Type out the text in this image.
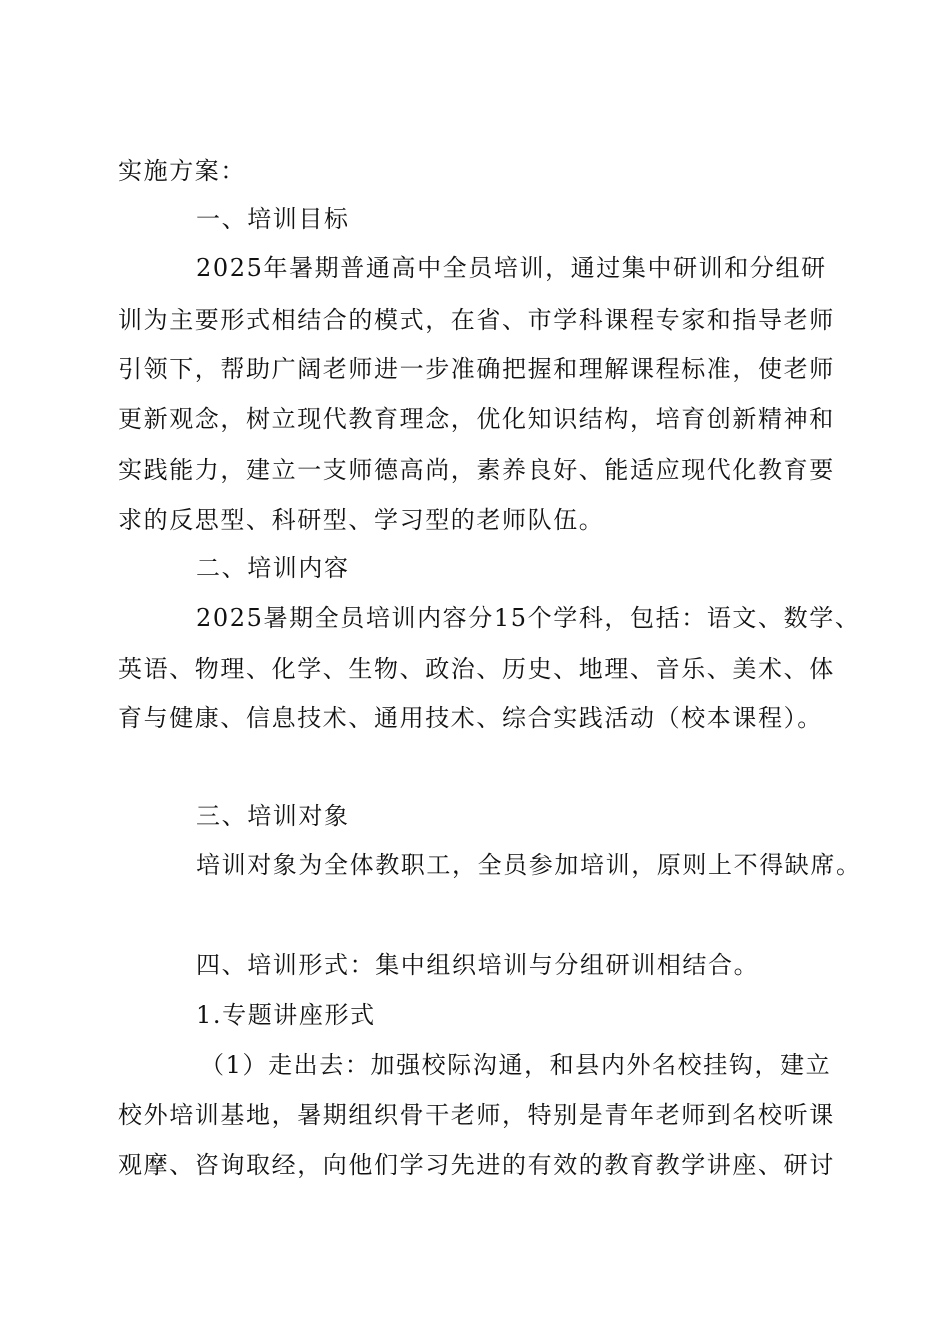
实施方案：
一、培训目标
2025年暑期普通高中全员培训，通过集中研训和分组研
训为主要形式相结合的模式，在省、市学科课程专家和指导老师
引领下，帮助广阔老师进一步准确把握和理解课程标准，使老师
更新观念，树立现代教育理念，优化知识结构，培育创新精神和
实践能力，建立一支师德高尚，素养良好、能适应现代化教育要
求的反思型、科研型、学习型的老师队伍。
二、培训内容
2025暑期全员培训内容分15个学科，包括：语文、数学、
英语、物理、化学、生物、政治、历史、地理、音乐、美术、体
育与健康、信息技术、通用技术、综合实践活动（校本课程）。
三、培训对象
培训对象为全体教职工，全员参加培训，原则上不得缺席。
四、培训形式：集中组织培训与分组研训相结合。
1.专题讲座形式
（1）走出去：加强校际沟通，和县内外名校挂钩，建立
校外培训基地，暑期组织骨干老师，特别是青年老师到名校听课
观摩、咨询取经，向他们学习先进的有效的教育教学讲座、研讨
